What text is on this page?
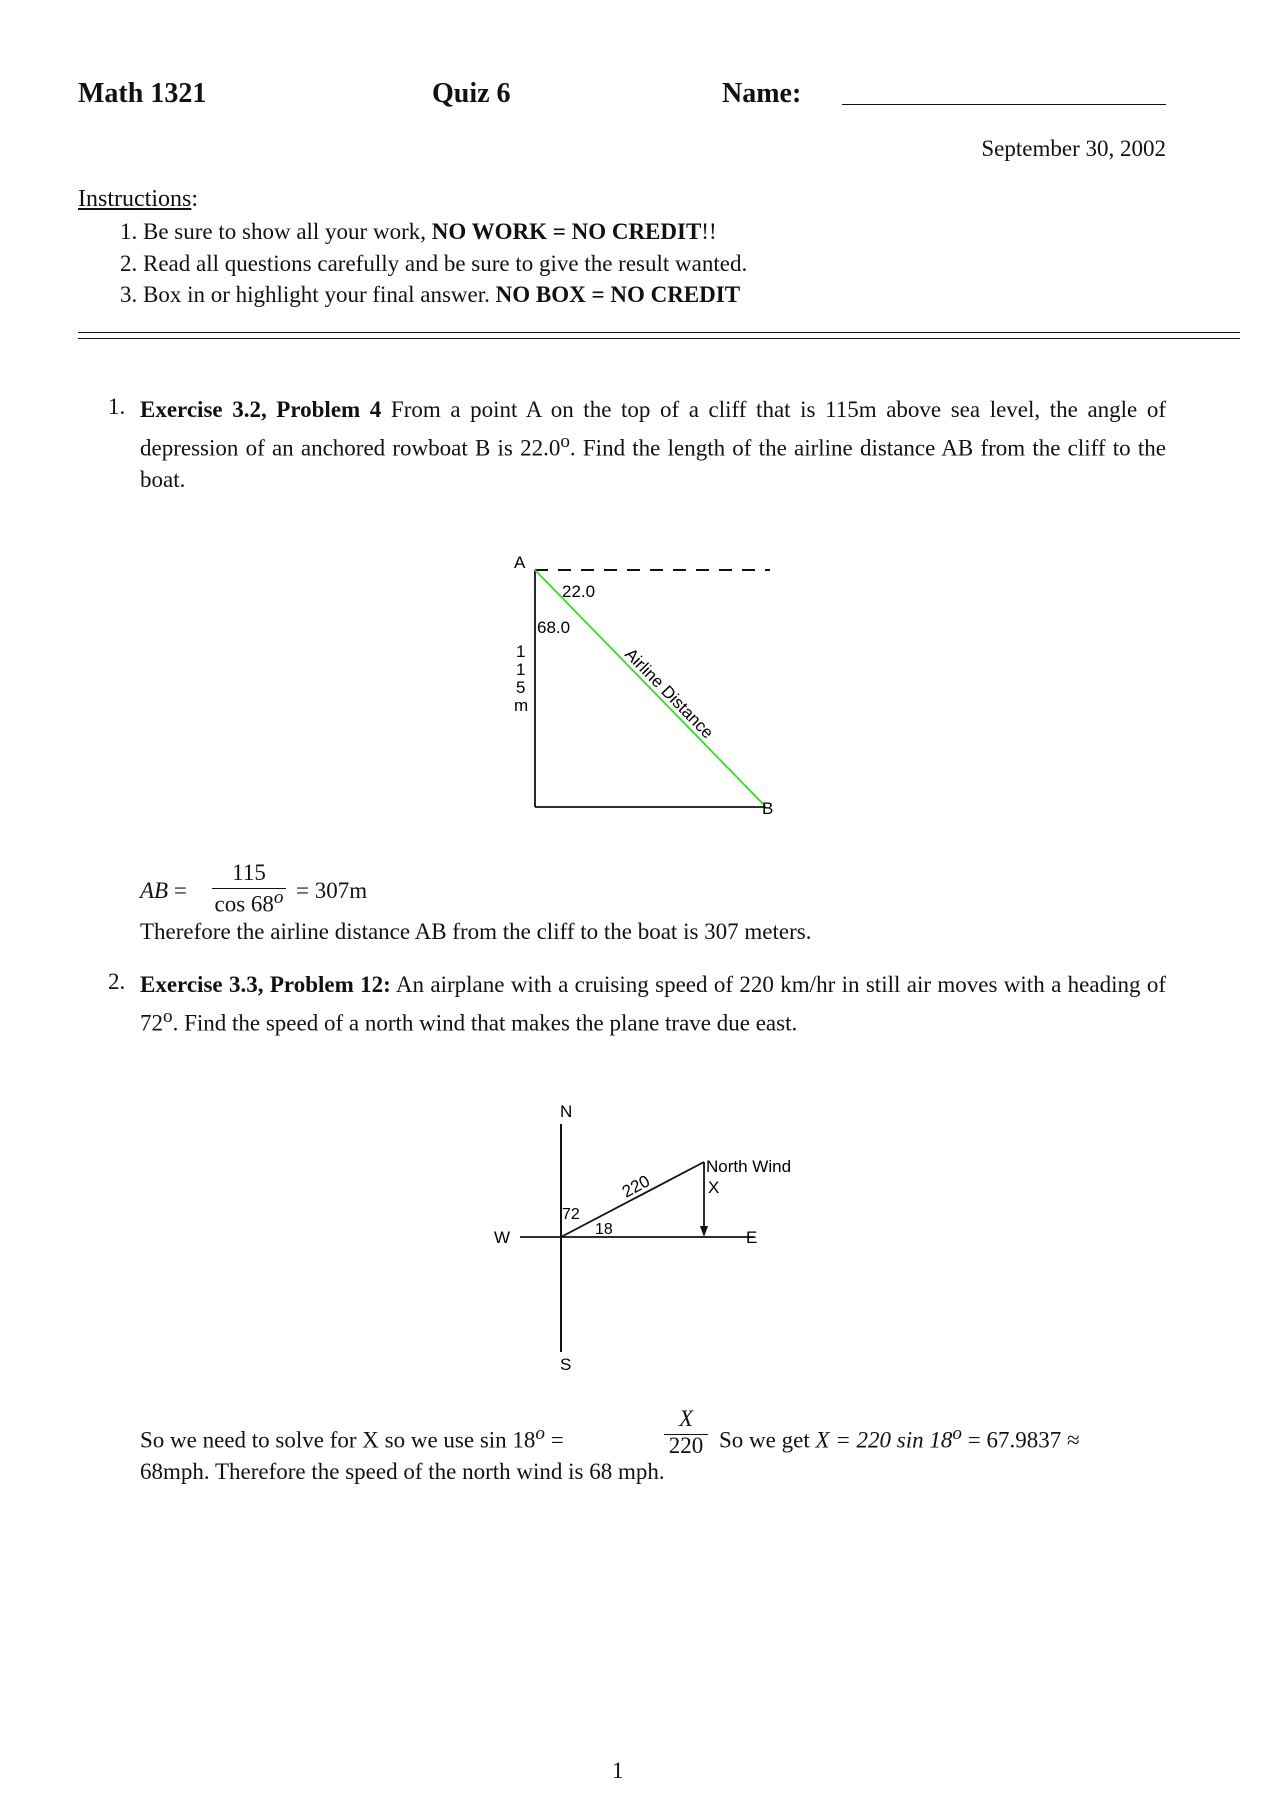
Math 1321	Quiz 6	Name:
September 30, 2002
Instructions:
1. Be sure to show all your work, NO WORK = NO CREDIT!!
2. Read all questions carefully and be sure to give the result wanted.
3. Box in or highlight your final answer. NO BOX = NO CREDIT
1. Exercise 3.2, Problem 4 From a point A on the top of a cliff that is 115m above sea level, the angle of depression of an anchored rowboat B is 22.0$^o$. Find the length of the airline distance AB from the cliff to the boat.
A
B
22.0
68.0
1
1
5
m	Airline Distance
AB =
115
$\cos 68^o = 307m$
Therefore the airline distance AB from the cliff to the boat is 307 meters.
2. Exercise 3.3, Problem 12: An airplane with a cruising speed of 220 km/hr in still air moves with a heading of 72$^o$. Find the speed of a north wind that makes the plane trave due east.
N
S
W	E
220
72
18
North Wind
X
So we need to solve for X so we use $\sin 18^o$ =
X
220 So we get X = 220 $\sin 18^o = 67.9837$ ≈
68mph. Therefore the speed of the north wind is 68 mph.
1
